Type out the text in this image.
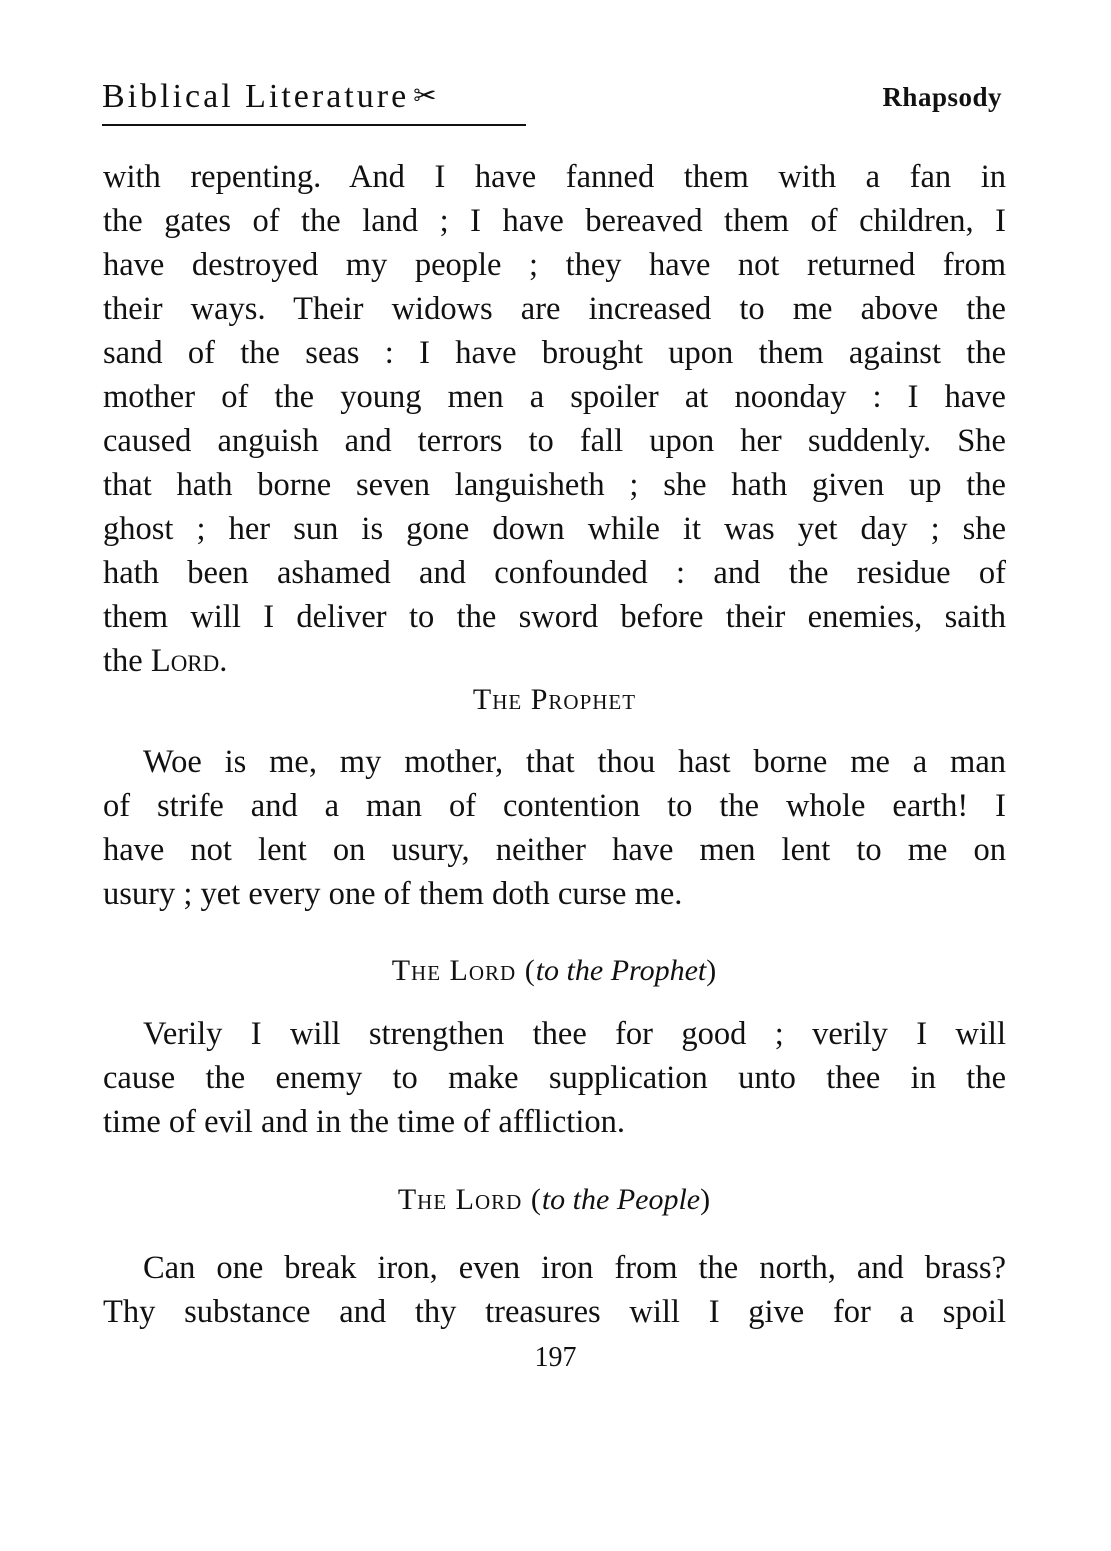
Biblical Literature ✂	Rhapsody
with repenting. And I have fanned them with a fan in
the gates of the land ; I have bereaved them of children, I
have destroyed my people ; they have not returned from
their ways. Their widows are increased to me above the
sand of the seas : I have brought upon them against the
mother of the young men a spoiler at noonday : I have
caused anguish and terrors to fall upon her suddenly. She
that hath borne seven languisheth ; she hath given up the
ghost ; her sun is gone down while it was yet day ; she
hath been ashamed and confounded : and the residue of
them will I deliver to the sword before their enemies, saith
the Lord.
The Prophet
Woe is me, my mother, that thou hast borne me a man
of strife and a man of contention to the whole earth! I
have not lent on usury, neither have men lent to me on
usury ; yet every one of them doth curse me.
The Lord (to the Prophet)
Verily I will strengthen thee for good ; verily I will
cause the enemy to make supplication unto thee in the
time of evil and in the time of affliction.
The Lord (to the People)
Can one break iron, even iron from the north, and brass?
Thy substance and thy treasures will I give for a spoil
197
